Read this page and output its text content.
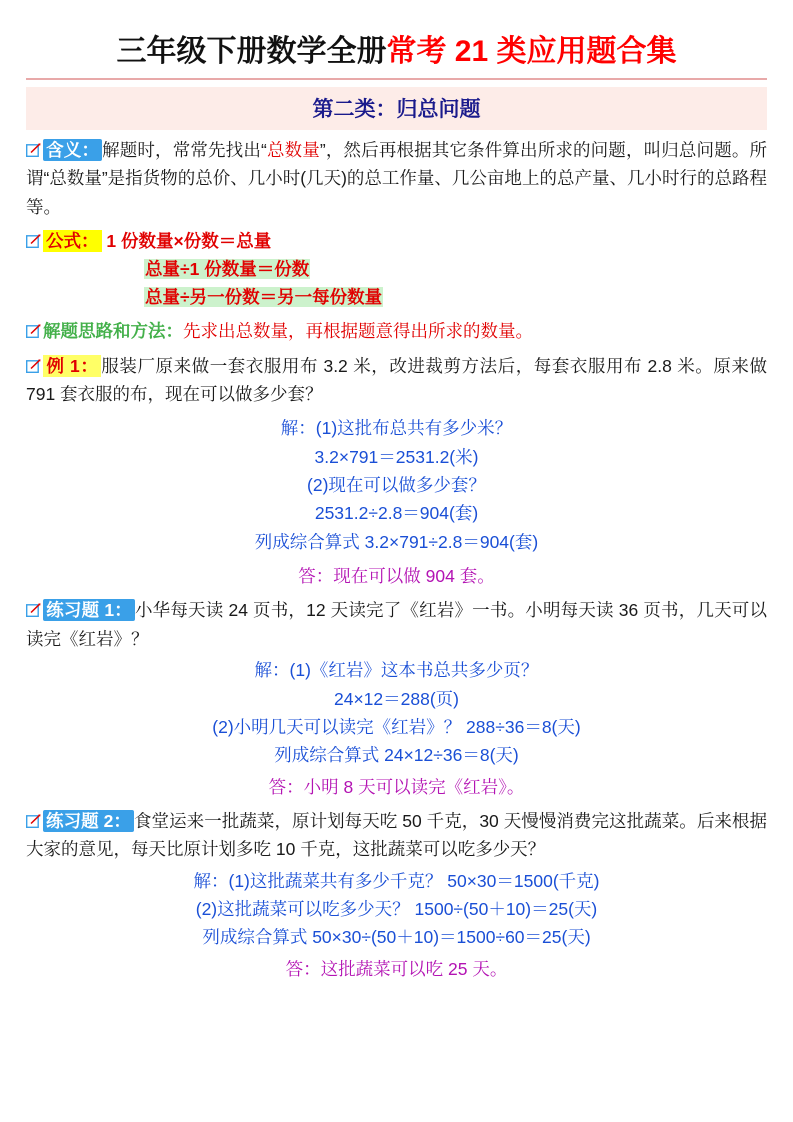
三年级下册数学全册常考 21 类应用题合集
第二类：归总问题
含义： 解题时，常常先找出“总数量”，然后再根据其它条件算出所求的问题，叫归总问题。所谓“总数量”是指货物的总价、几小时(几天)的总工作量、几公亩地上的总产量、几小时行的总路程等。
公式： 1 份数量×份数＝总量
总量÷1 份数量＝份数
总量÷另一份数＝另一每份数量
解题思路和方法：先求出总数量，再根据题意得出所求的数量。
例 1： 服装厂原来做一套衣服用布 3.2 米，改进裁剪方法后，每套衣服用布 2.8 米。原来做 791 套衣服的布，现在可以做多少套？
解：(1)这批布总共有多少米？
3.2×791＝2531.2(米)
(2)现在可以做多少套？
2531.2÷2.8＝904(套)
列成综合算式 3.2×791÷2.8＝904(套)
答：现在可以做 904 套。
练习题 1： 小华每天读 24 页书，12 天读完了《红岩》一书。小明每天读 36 页书，几天可以读完《红岩》？
解：(1)《红岩》这本书总共多少页？
24×12＝288(页)
(2)小明几天可以读完《红岩》？ 288÷36＝8(天)
列成综合算式 24×12÷36＝8(天)
答：小明 8 天可以读完《红岩》。
练习题 2： 食堂运来一批蔬菜，原计划每天吃 50 千克，30 天慢慢消费完这批蔬菜。后来根据大家的意见，每天比原计划多吃 10 千克，这批蔬菜可以吃多少天？
解：(1)这批蔬菜共有多少千克？ 50×30＝1500(千克)
(2)这批蔬菜可以吃多少天？ 1500÷(50＋10)＝25(天)
列成综合算式 50×30÷(50＋10)＝1500÷60＝25(天)
答：这批蔬菜可以吃 25 天。
